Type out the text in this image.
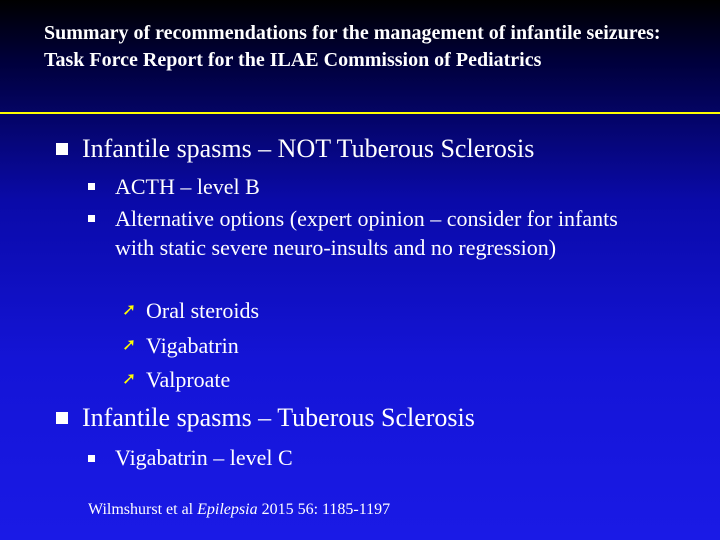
Summary of recommendations for the management of infantile seizures: Task Force Report for the ILAE Commission of Pediatrics
Infantile spasms – NOT Tuberous Sclerosis
ACTH – level B
Alternative options (expert opinion – consider for infants with static severe neuro-insults and no regression)
➚ Oral steroids
➚ Vigabatrin
➚ Valproate
Infantile spasms – Tuberous Sclerosis
Vigabatrin – level C
Wilmshurst et al Epilepsia 2015 56: 1185-1197
